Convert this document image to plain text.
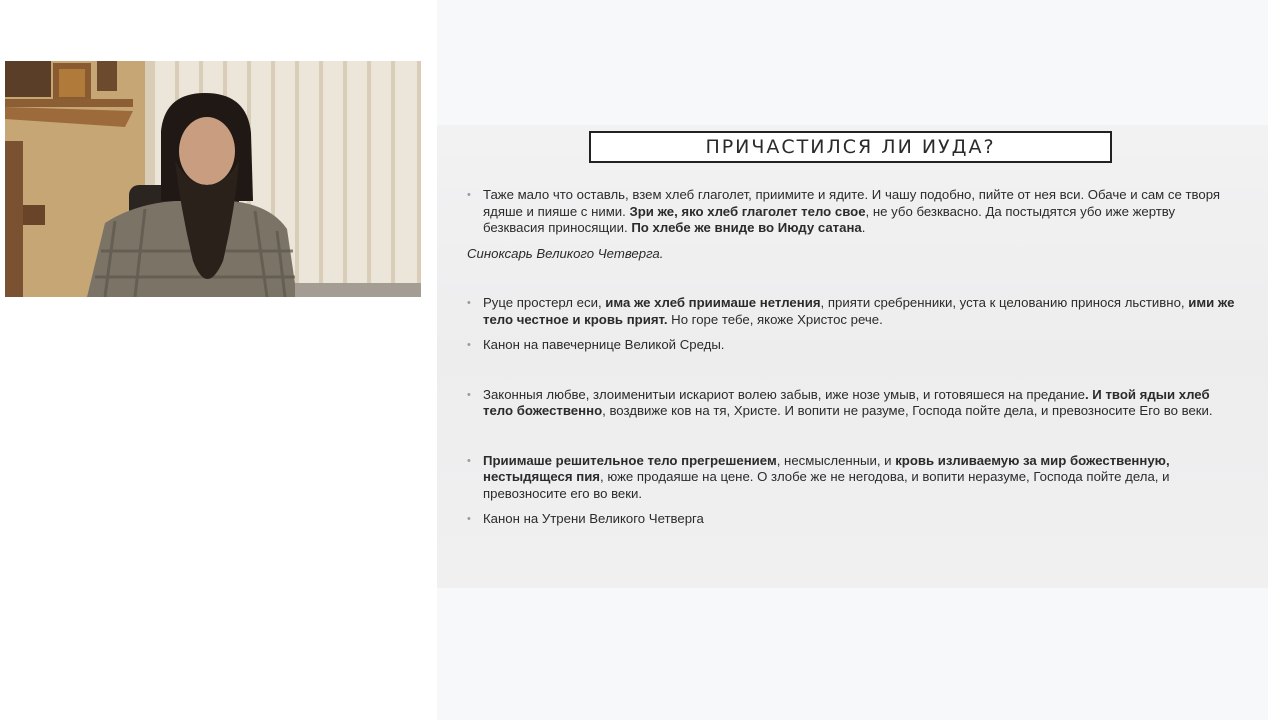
ПРИЧАСТИЛСЯ ЛИ ИУДА?
• Таже мало что оставль, взем хлеб глаголет, приимите и ядите. И чашу подобно, пийте от нея вси. Обаче и сам се творя ядяше и пияше с ними. Зри же, яко хлеб глаголет тело свое, не убо безквасно. Да постыдятся убо иже жертву безквасия приносящии. По хлебе же вниде во Июду сатана.
Синоксарь Великого Четверга.
• Руце простерл еси, има же хлеб приимаше нетления, прияти сребренники, уста к целованию принося льстивно, ими же тело честное и кровь прият. Но горе тебе, якоже Христос рече.
• Канон на павечернице Великой Среды.
• Законныя любве, злоименитыи искариот волею забыв, иже нозе умыв, и готовяшеся на предание. И твой ядыи хлеб тело божественно, воздвиже ков на тя, Христе. И вопити не разуме, Господа пойте дела, и превозносите Его во веки.
• Приимаше решительное тело прегрешением, несмысленныи, и кровь изливаемую за мир божественную, нестыдящеся пия, юже продаяше на цене. О злобе же не негодова, и вопити неразуме, Господа пойте дела, и превозносите его во веки.
• Канон на Утрени Великого Четверга
